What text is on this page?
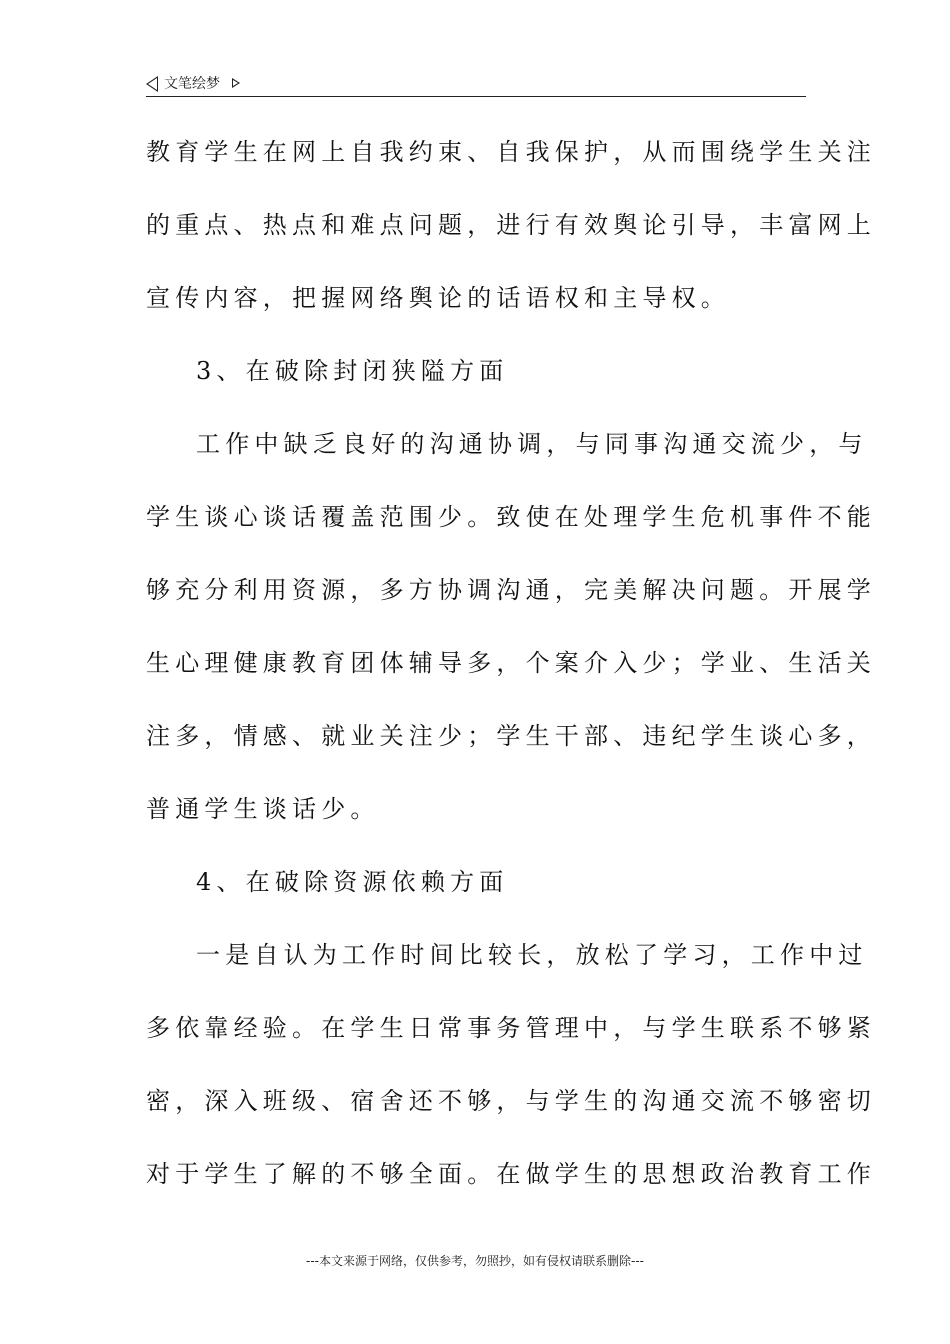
文笔绘梦
教育学生在网上自我约束、自我保护，从而围绕学生关注
的重点、热点和难点问题，进行有效舆论引导，丰富网上
宣传内容，把握网络舆论的话语权和主导权。
3、在破除封闭狭隘方面
工作中缺乏良好的沟通协调，与同事沟通交流少，与
学生谈心谈话覆盖范围少。致使在处理学生危机事件不能
够充分利用资源，多方协调沟通，完美解决问题。开展学
生心理健康教育团体辅导多，个案介入少；学业、生活关
注多，情感、就业关注少；学生干部、违纪学生谈心多，
普通学生谈话少。
4、在破除资源依赖方面
一是自认为工作时间比较长，放松了学习，工作中过
多依靠经验。在学生日常事务管理中，与学生联系不够紧
密，深入班级、宿舍还不够，与学生的沟通交流不够密切
对于学生了解的不够全面。在做学生的思想政治教育工作
---本文来源于网络，仅供参考，勿照抄，如有侵权请联系删除---
